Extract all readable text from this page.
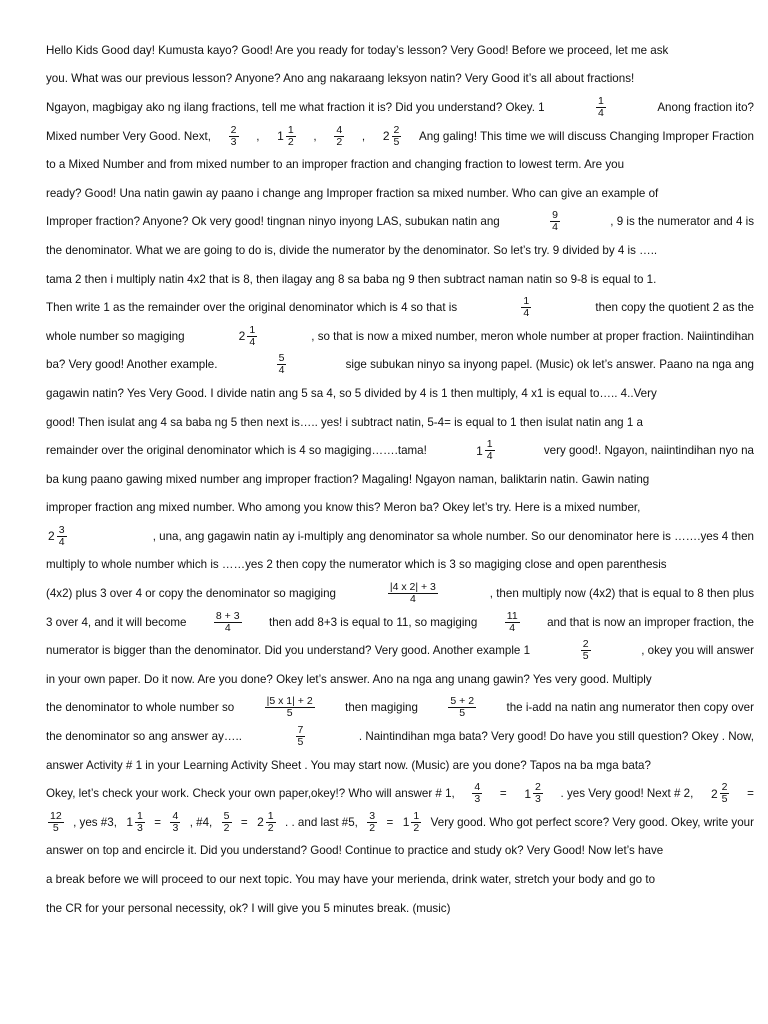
Hello Kids Good day! Kumusta kayo? Good! Are you ready for today’s lesson? Very Good! Before we proceed, let me ask
you. What was our previous lesson? Anyone? Ano ang nakaraang leksyon natin? Very Good it’s all about fractions!
Ngayon, magbigay ako ng ilang fractions, tell me what fraction it is? Did you understand? Okey. 1	$\frac{1}{4}$	Anong fraction ito?
Mixed number Very Good. Next, $\frac{2}{3}$ , $1 \frac{1}{2}$ , $\frac{4}{2}$ , $2 \frac{2}{5}$ Ang galing! This time we will discuss Changing Improper Fraction
to a Mixed Number and from mixed number to an improper fraction and changing fraction to lowest term. Are you
ready? Good! Una natin gawin ay paano i change ang Improper fraction sa mixed number. Who can give an example of
Improper fraction? Anyone? Ok very good! tingnan ninyo inyong LAS, subukan natin ang	$\frac{9}{4}$	, 9 is the numerator and 4 is
the denominator. What we are going to do is, divide the numerator by the denominator. So let’s try. 9 divided by 4 is …..
tama 2 then i multiply natin 4x2 that is 8, then ilagay ang 8 sa baba ng 9 then subtract naman natin so 9-8 is equal to 1.
Then write 1 as the remainder over the original denominator which is 4 so that is	$\frac{1}{4}$	then copy the quotient 2 as the
whole number so magiging	$2 \frac{1}{4}$	, so that is now a mixed number, meron whole number at proper fraction. Naiintindihan
ba? Very good! Another example.	$\frac{5}{4}$	sige subukan ninyo sa inyong papel. (Music) ok let’s answer. Paano na nga ang
gagawin natin? Yes Very Good. I divide natin ang 5 sa 4, so 5 divided by 4 is 1 then multiply, 4 x1 is equal to….. 4..Very
good! Then isulat ang 4 sa baba ng 5 then next is….. yes! i subtract natin, 5-4= is equal to 1 then isulat natin ang 1 a
remainder over the original denominator which is 4 so magiging…….tama!	$1 \frac{1}{4}$	very good!. Ngayon, naiintindihan nyo na
ba kung paano gawing mixed number ang improper fraction? Magaling! Ngayon naman, baliktarin natin. Gawin nating
improper fraction ang mixed number. Who among you know this? Meron ba? Okey let’s try. Here is a mixed number,
$2 \frac{3}{4}$	, una, ang gagawin natin ay i-multiply ang denominator sa whole number. So our denominator here is …….yes 4 then
multiply to whole number which is ……yes 2 then copy the numerator which is 3 so magiging close and open parenthesis
(4x2) plus 3 over 4 or copy the denominator so magiging	$\frac{|4 x 2| + 3}{4}$	, then multiply now (4x2) that is equal to 8 then plus
3 over 4, and it will become	$\frac{8 + 3}{4}$ then add 8+3 is equal to 11, so magiging	$\frac{11}{4}$ and that is now an improper fraction, the
numerator is bigger than the denominator. Did you understand? Very good. Another example 1	$\frac{2}{5}$	, okey you will answer
in your own paper. Do it now. Are you done? Okey let’s answer. Ano na nga ang unang gawin? Yes very good. Multiply
the denominator to whole number so	$\frac{|5 x 1| + 2}{5}$	then magiging	$\frac{5 + 2}{5}$	the i-add na natin ang numerator then copy over
the denominator so ang answer ay…..	$\frac{7}{5}$	. Naintindihan mga bata? Very good! Do have you still question? Okey . Now,
answer Activity # 1 in your Learning Activity Sheet . You may start now. (Music) are you done? Tapos na ba mga bata?
Okey, let’s check your work. Check your own paper,okey!? Who will answer # 1, $\frac{4}{3} = 1 \frac{2}{3}$ . yes Very good! Next # 2, $2 \frac{2}{5}$ =
$\frac{12}{5}$ , yes #3, $1 \frac{1}{3} = \frac{4}{3}$ , #4, $\frac{5}{2} = 2 \frac{1}{2}$ . . and last #5, $\frac{3}{2} = 1 \frac{1}{2}$ Very good. Who got perfect score? Very good. Okey, write your
answer on top and encircle it. Did you understand? Good! Continue to practice and study ok? Very Good! Now let’s have
a break before we will proceed to our next topic. You may have your merienda, drink water, stretch your body and go to
the CR for your personal necessity, ok? I will give you 5 minutes break. (music)
